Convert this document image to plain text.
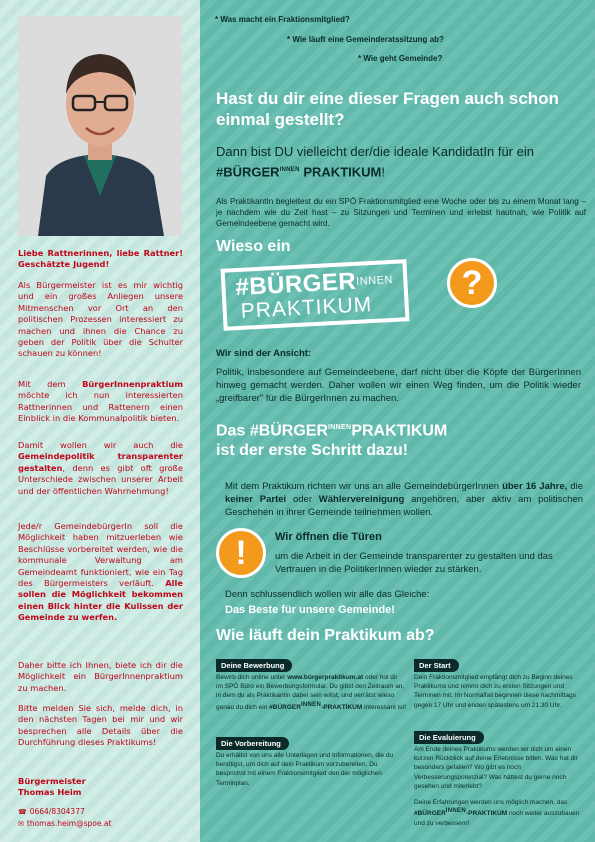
Liebe Rattnerinnen, liebe Rattner! Geschätzte Jugend!
Als Bürgermeister ist es mir wichtig und ein großes Anliegen unsere Mitmenschen vor Ort an den politischen Prozessen interessiert zu machen und ihnen die Chance zu geben der Politik über die Schulter schauen zu können!
Mit dem BürgerInnenpraktium möchte ich nun interessierten Rattnerinnen und Rattenern einen Einblick in die Kommunalpolitik bieten.
Damit wollen wir auch die Gemeindepolitik transparenter gestalten, denn es gibt oft große Unterschiede zwischen unserer Arbeit und der öffentlichen Wahrnehmung!
Jede/r GemeindebürgerIn soll die Möglichkeit haben mitzuerleben wie Beschlüsse vorbereitet werden, wie die kommunale Verwaltung am Gemeindeamt funktioniert, wie ein Tag des Bürgermeisters verläuft. Alle sollen die Möglichkeit bekommen einen Blick hinter die Kulissen der Gemeinde zu werfen.
Daher bitte ich Ihnen, biete ich dir die Möglichkeit ein BürgerInnenpraktium zu machen.
Bitte melden Sie sich, melde dich, in den nächsten Tagen bei mir und wir besprechen alle Details über die Durchführung dieses Praktikums!
Bürgermeister
Thomas Heim
☎ 0664/8304377
✉ thomas.heim@spoe.at
* Was macht ein Fraktionsmitglied?
* Wie läuft eine Gemeinderatssitzung ab?
* Wie geht Gemeinde?
Hast du dir eine dieser Fragen auch schon einmal gestellt?
Dann bist DU vielleicht der/die ideale KandidatIn für ein
$\#BÜRGER^{INNEN}$ PRAKTIKUM!
Als PraktikantIn begleitest du ein SPÖ Fraktionsmitglied eine Woche oder bis zu einem Monat lang – je nachdem wie du Zeit hast – zu Sitzungen und Terminen und erlebst hautnah, wie Politik auf Gemeindeebene gemacht wird.
Wieso ein
$\#BÜRGER^{INNEN}$
PRAKTIKUM
?
Wir sind der Ansicht:
Politik, insbesondere auf Gemeindeebene, darf nicht über die Köpfe der BürgerInnen hinweg gemacht werden. Daher wollen wir einen Weg finden, um die Politik wieder „greifbarer" für die BürgerInnen zu machen.
Das $\#BÜRGER^{INNEN}PRAKTIKUM$
ist der erste Schritt dazu!
Mit dem Praktikum richten wir uns an alle GemeindebürgerInnen über 16 Jahre, die keiner Partei oder Wählervereinigung angehören, aber aktiv am politischen Geschehen in ihrer Gemeinde teilnehmen wollen.
!	Wir öffnen die Türen
um die Arbeit in der Gemeinde transparenter zu gestalten und das Vertrauen in die PolitikerInnen wieder zu stärken.
Denn schlussendlich wollen wir alle das Gleiche:
Das Beste für unsere Gemeinde!
Wie läuft dein Praktikum ab?
Deine Bewerbung
Bewirb dich online unter www.bürgerpraktikum.at oder hol dir im SPÖ Büro ein Bewerbungsformular. Du gibst den Zeitraum an, in dem du als Praktikantin dabei sein willst, und verrätst wieso genau du dich ein #BÜRGERINNEN-PRAKTIKUM interessant ist!
Die Vorbereitung
Du erhältst von uns alle Unterlagen und Informationen, die du benötigst, um dich auf dein Praktikum vorzubereiten. Du besprichst mit einem Fraktionsmitglied den der möglichen Terminplan.
Der Start
Dein Fraktionsmitglied empfängt dich zu Beginn deines Praktikums und nimmt dich zu ersten Sitzungen und Terminen mit. Im Normalfall beginnen diese nachmittags gegen 17 Uhr und enden spätestens um 21:30 Uhr.
Die Evaluierung
Am Ende deines Praktikums werden wir dich um einen kurzen Rückblick auf deine Erlebnisse bitten. Was hat dir besonders gefallen? Wo gibt es noch Verbesserungspotenzial? Was hättest du gerne noch gesehen und miterlebt?
Deine Erfahrungen werden uns möglich machen, das #BÜRGERINNEN-PRAKTIKUM noch weiter auszubauen und zu verbessern!
